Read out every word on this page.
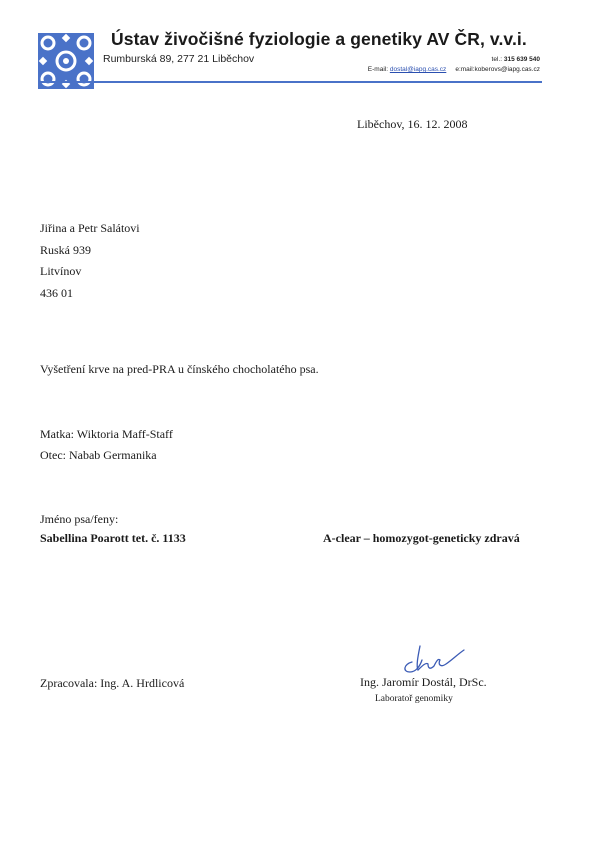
Ústav živočišné fyziologie a genetiky AV ČR, v.v.i.
Rumburská 89, 277 21 Liběchov	tel.: 315 639 540
E-mail: dostal@iapg.cas.cz e:mail:koberovs@iapg.cas.cz
Liběchov, 16. 12. 2008
Jiřina a Petr Salátovi
Ruská 939
Litvínov
436 01
Vyšetření krve na pred-PRA u čínského chocholatého psa.
Matka: Wiktoria Maff-Staff
Otec: Nabab Germanika
Jméno psa/feny:
Sabellina Poarott tet. č. 1133	A-clear – homozygot-geneticky zdravá
Zpracovala: Ing. A. Hrdlicová	Ing. Jaromír Dostál, DrSc.
Laboratoř genomiky
